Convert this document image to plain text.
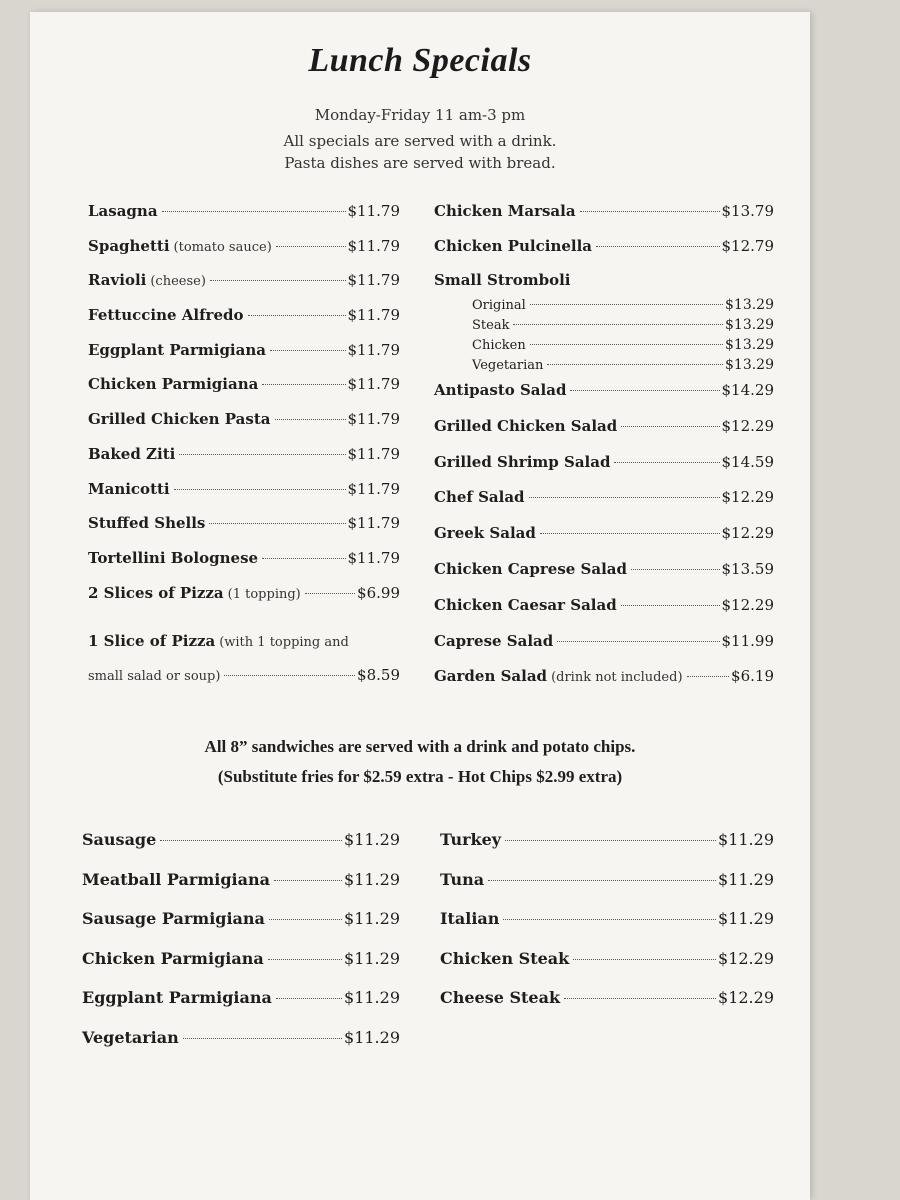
Lunch Specials
Monday-Friday 11 am-3 pm
All specials are served with a drink.
Pasta dishes are served with bread.
Lasagna	$11.79
Spaghetti (tomato sauce)	$11.79
Ravioli (cheese)	$11.79
Fettuccine Alfredo	$11.79
Eggplant Parmigiana	$11.79
Chicken Parmigiana	$11.79
Grilled Chicken Pasta	$11.79
Baked Ziti	$11.79
Manicotti	$11.79
Stuffed Shells	$11.79
Tortellini Bolognese	$11.79
2 Slices of Pizza (1 topping)	$6.99
1 Slice of Pizza (with 1 topping and
small salad or soup)	$8.59
Chicken Marsala	$13.79
Chicken Pulcinella	$12.79
Small Stromboli
Original	$13.29
Steak	$13.29
Chicken	$13.29
Vegetarian	$13.29
Antipasto Salad	$14.29
Grilled Chicken Salad	$12.29
Grilled Shrimp Salad	$14.59
Chef Salad	$12.29
Greek Salad	$12.29
Chicken Caprese Salad	$13.59
Chicken Caesar Salad	$12.29
Caprese Salad	$11.99
Garden Salad (drink not included)	$6.19
All 8” sandwiches are served with a drink and potato chips.
(Substitute fries for $2.59 extra - Hot Chips $2.99 extra)
Sausage	$11.29
Meatball Parmigiana	$11.29
Sausage Parmigiana	$11.29
Chicken Parmigiana	$11.29
Eggplant Parmigiana	$11.29
Vegetarian	$11.29
Turkey	$11.29
Tuna	$11.29
Italian	$11.29
Chicken Steak	$12.29
Cheese Steak	$12.29
